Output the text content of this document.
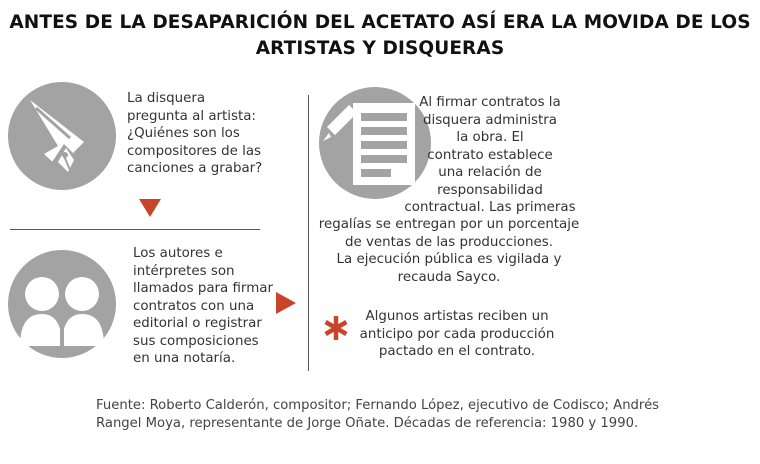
ANTES DE LA DESAPARICIÓN DEL ACETATO ASÍ ERA LA MOVIDA DE LOS
ARTISTAS Y DISQUERAS
La disquera
pregunta al artista:
¿Quiénes son los
compositores de las
canciones a grabar?
Los autores e
intérpretes son
llamados para firmar
contratos con una
editorial o registrar
sus composiciones
en una notaría.
Al firmar contratos la
disquera administra
la obra. El
contrato establece
una relación de
responsabilidad
contractual. Las primeras
regalías se entregan por un porcentaje
de ventas de las producciones.
La ejecución pública es vigilada y
recauda Sayco.
Algunos artistas reciben un
anticipo por cada producción
pactado en el contrato.
Fuente: Roberto Calderón, compositor; Fernando López, ejecutivo de Codisco; Andrés
Rangel Moya, representante de Jorge Oñate. Décadas de referencia: 1980 y 1990.
